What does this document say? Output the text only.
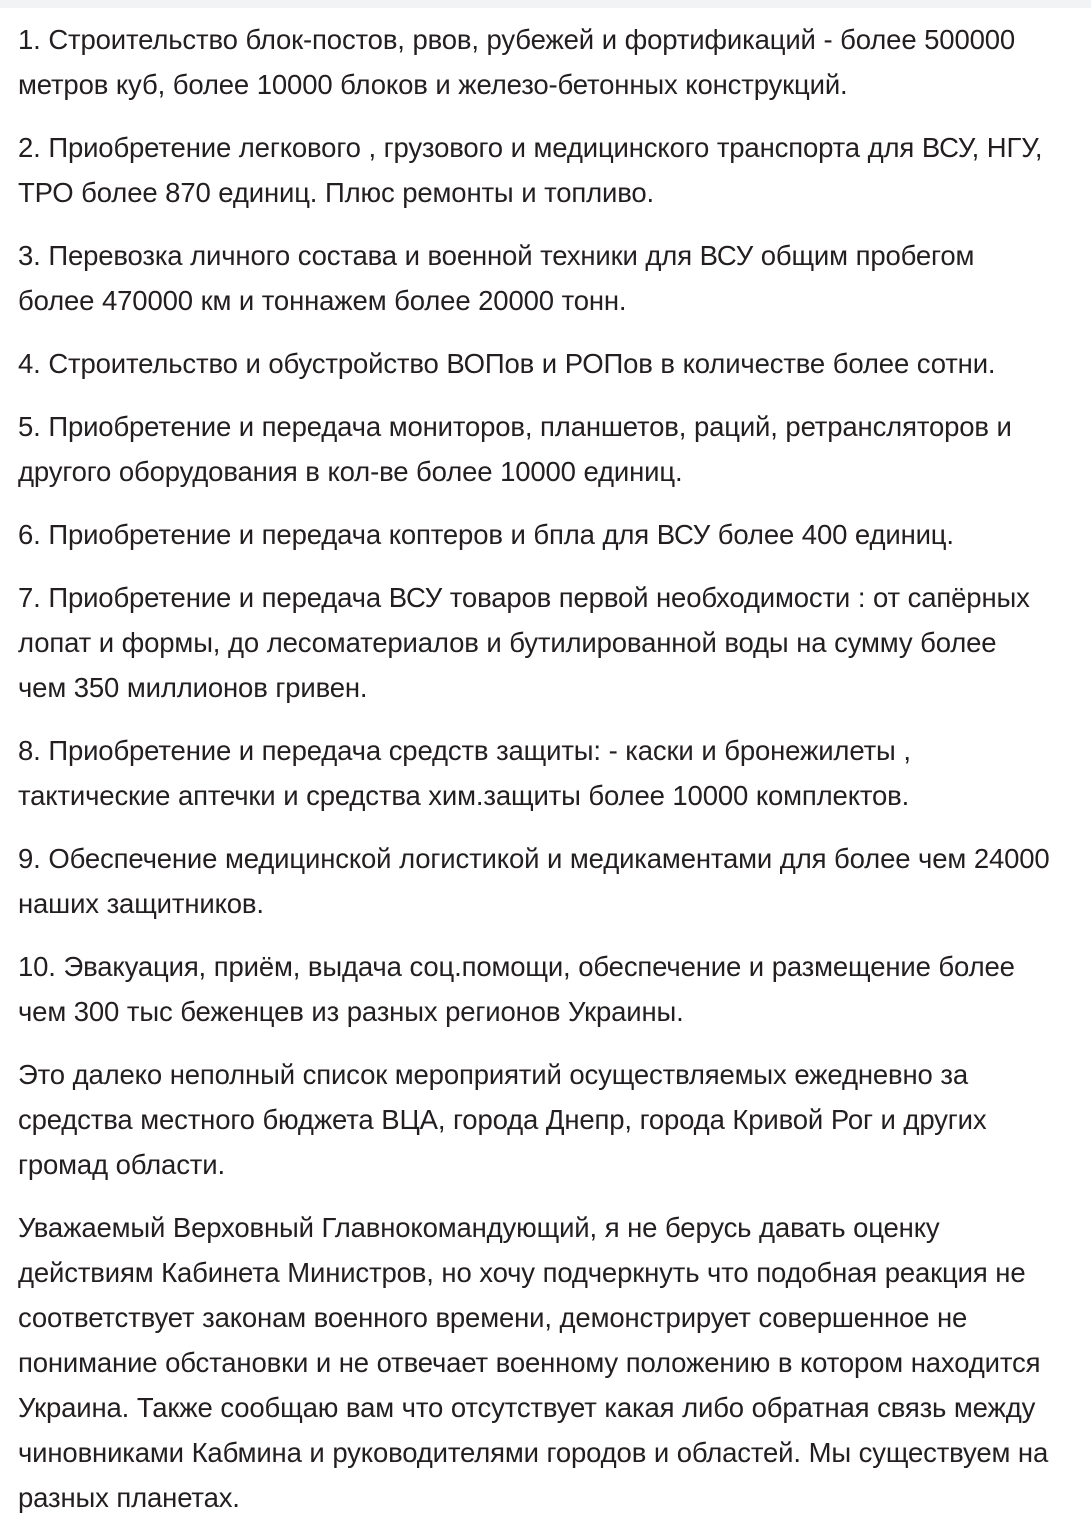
1. Строительство блок-постов, рвов, рубежей и фортификаций - более 500000 метров куб, более 10000 блоков и железо-бетонных конструкций.

2. Приобретение легкового , грузового и медицинского транспорта для ВСУ, НГУ, ТРО более 870 единиц. Плюс ремонты и топливо.

3. Перевозка личного состава и военной техники для ВСУ общим пробегом более 470000 км и тоннажем более 20000 тонн.

4. Строительство и обустройство ВОПов и РОПов в количестве более сотни.

5. Приобретение и передача мониторов, планшетов, раций, ретрансляторов и другого оборудования в кол-ве более 10000 единиц.

6. Приобретение и передача коптеров и бпла для ВСУ более 400 единиц.

7. Приобретение и передача ВСУ товаров первой необходимости : от сапёрных лопат и формы, до лесоматериалов и бутилированной воды на сумму более чем 350 миллионов гривен.

8. Приобретение и передача средств защиты: - каски и бронежилеты , тактические аптечки и средства хим.защиты более 10000 комплектов.

9. Обеспечение медицинской логистикой и медикаментами для более чем 24000 наших защитников.

10. Эвакуация, приём, выдача соц.помощи, обеспечение и размещение более чем 300 тыс беженцев из разных регионов Украины.

Это далеко неполный список мероприятий осуществляемых ежедневно за средства местного бюджета ВЦА, города Днепр, города Кривой Рог и других громад области.

Уважаемый Верховный Главнокомандующий, я не берусь давать оценку действиям Кабинета Министров, но хочу подчеркнуть что подобная реакция не соответствует законам военного времени, демонстрирует совершенное не понимание обстановки и не отвечает военному положению в котором находится Украина. Также сообщаю вам что отсутствует какая либо обратная связь между чиновниками Кабмина и руководителями городов и областей. Мы существуем на разных планетах.
